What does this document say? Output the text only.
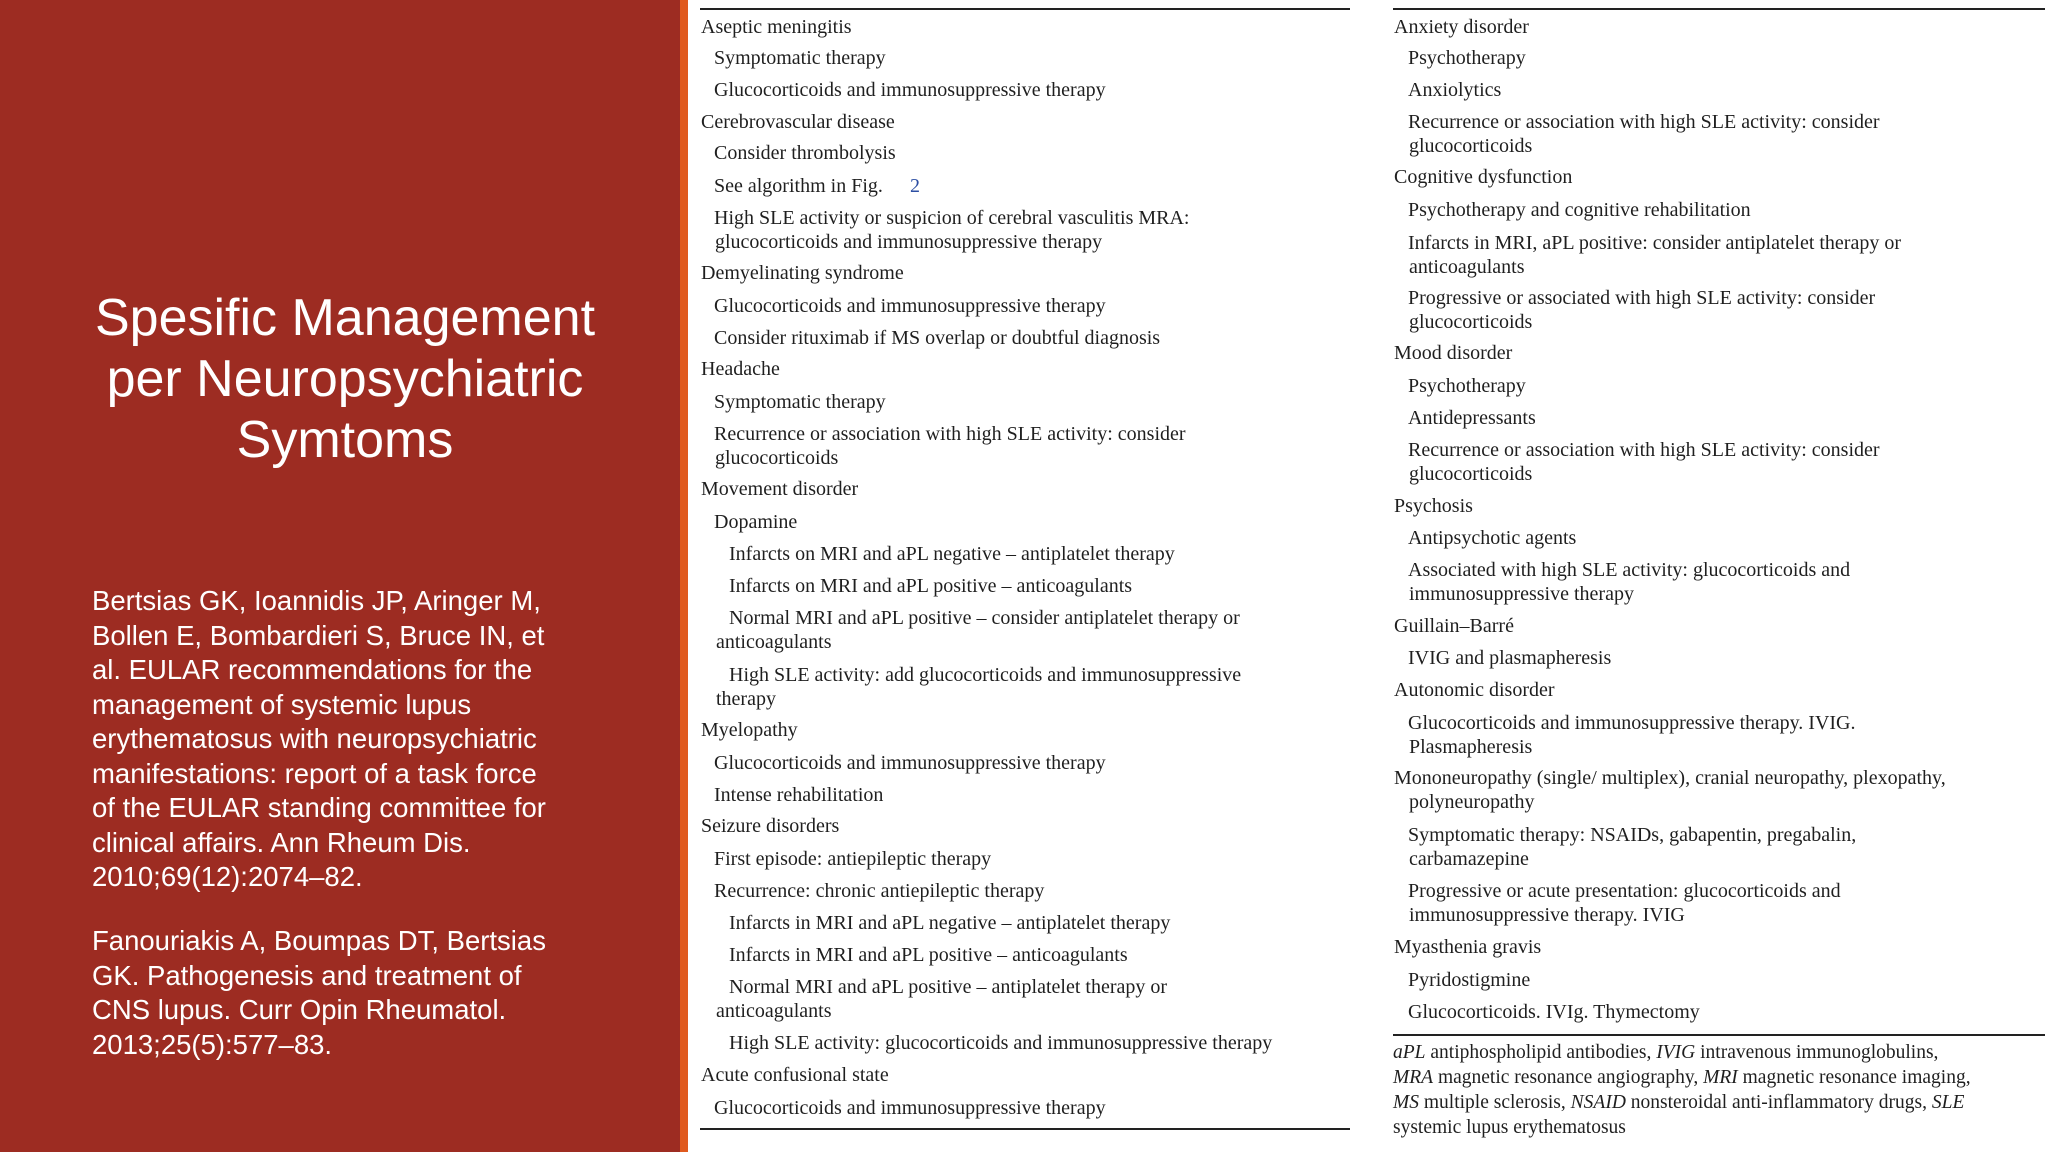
Spesific Management
per Neuropsychiatric
Symtoms
Bertsias GK, Ioannidis JP, Aringer M,
Bollen E, Bombardieri S, Bruce IN, et
al. EULAR recommendations for the
management of systemic lupus
erythematosus with neuropsychiatric
manifestations: report of a task force
of the EULAR standing committee for
clinical affairs. Ann Rheum Dis.
2010;69(12):2074–82.
Fanouriakis A, Boumpas DT, Bertsias
GK. Pathogenesis and treatment of
CNS lupus. Curr Opin Rheumatol.
2013;25(5):577–83.
Aseptic meningitis
Symptomatic therapy
Glucocorticoids and immunosuppressive therapy
Cerebrovascular disease
Consider thrombolysis
See algorithm in Fig. 2
High SLE activity or suspicion of cerebral vasculitis MRA:
glucocorticoids and immunosuppressive therapy
Demyelinating syndrome
Glucocorticoids and immunosuppressive therapy
Consider rituximab if MS overlap or doubtful diagnosis
Headache
Symptomatic therapy
Recurrence or association with high SLE activity: consider
glucocorticoids
Movement disorder
Dopamine
Infarcts on MRI and aPL negative – antiplatelet therapy
Infarcts on MRI and aPL positive – anticoagulants
Normal MRI and aPL positive – consider antiplatelet therapy or
anticoagulants
High SLE activity: add glucocorticoids and immunosuppressive
therapy
Myelopathy
Glucocorticoids and immunosuppressive therapy
Intense rehabilitation
Seizure disorders
First episode: antiepileptic therapy
Recurrence: chronic antiepileptic therapy
Infarcts in MRI and aPL negative – antiplatelet therapy
Infarcts in MRI and aPL positive – anticoagulants
Normal MRI and aPL positive – antiplatelet therapy or
anticoagulants
High SLE activity: glucocorticoids and immunosuppressive therapy
Acute confusional state
Glucocorticoids and immunosuppressive therapy
Anxiety disorder
Psychotherapy
Anxiolytics
Recurrence or association with high SLE activity: consider
glucocorticoids
Cognitive dysfunction
Psychotherapy and cognitive rehabilitation
Infarcts in MRI, aPL positive: consider antiplatelet therapy or
anticoagulants
Progressive or associated with high SLE activity: consider
glucocorticoids
Mood disorder
Psychotherapy
Antidepressants
Recurrence or association with high SLE activity: consider
glucocorticoids
Psychosis
Antipsychotic agents
Associated with high SLE activity: glucocorticoids and
immunosuppressive therapy
Guillain–Barré
IVIG and plasmapheresis
Autonomic disorder
Glucocorticoids and immunosuppressive therapy. IVIG.
Plasmapheresis
Mononeuropathy (single/ multiplex), cranial neuropathy, plexopathy,
polyneuropathy
Symptomatic therapy: NSAIDs, gabapentin, pregabalin,
carbamazepine
Progressive or acute presentation: glucocorticoids and
immunosuppressive therapy. IVIG
Myasthenia gravis
Pyridostigmine
Glucocorticoids. IVIg. Thymectomy
aPL antiphospholipid antibodies, IVIG intravenous immunoglobulins,
MRA magnetic resonance angiography, MRI magnetic resonance imaging,
MS multiple sclerosis, NSAID nonsteroidal anti-inflammatory drugs, SLE
systemic lupus erythematosus
